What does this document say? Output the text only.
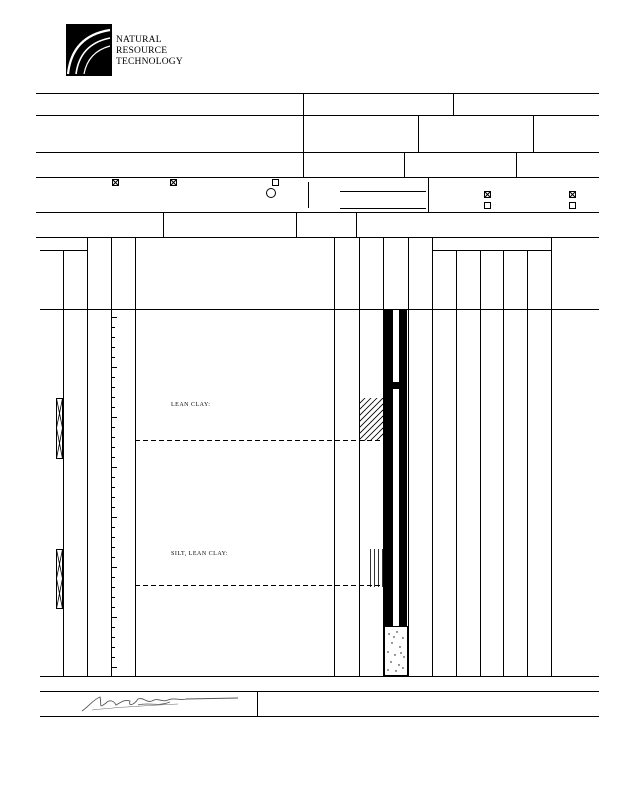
NATURAL
RESOURCE
TECHNOLOGY
LEAN CLAY:
SILT, LEAN CLAY:
